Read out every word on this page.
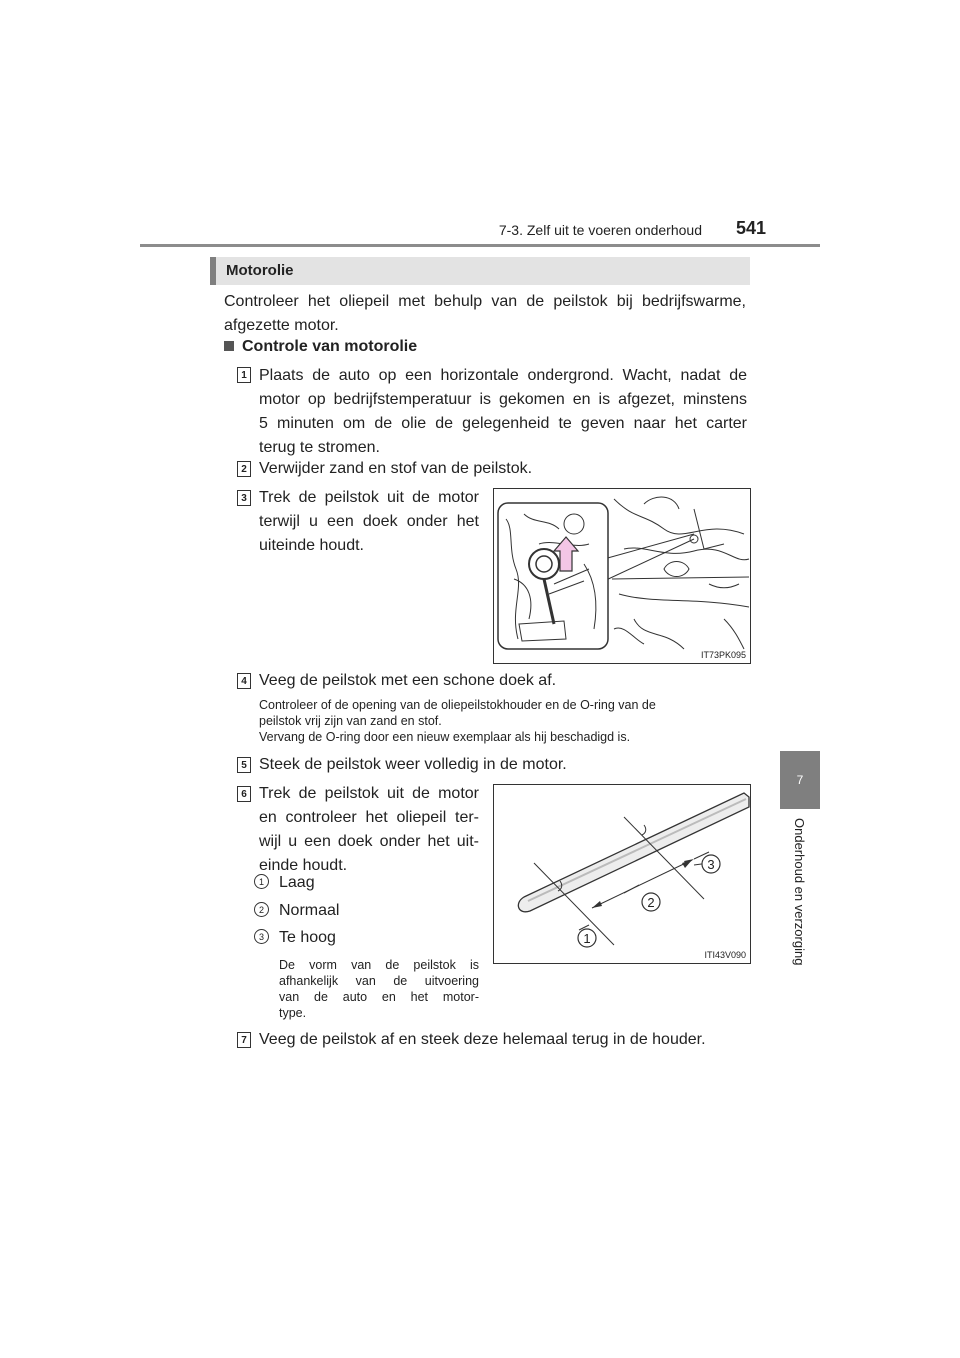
7-3. Zelf uit te voeren onderhoud 541
7
Onderhoud en verzorging
Motorolie
Controleer het oliepeil met behulp van de peilstok bij bedrijfswarme, afgezette motor.
Controle van motorolie
1 Plaats de auto op een horizontale ondergrond. Wacht, nadat de
motor op bedrijfstemperatuur is gekomen en is afgezet, minstens
5 minuten om de olie de gelegenheid te geven naar het carter
terug te stromen.
2 Verwijder zand en stof van de peilstok.
3 Trek de peilstok uit de motor
terwijl u een doek onder het
uiteinde houdt.
IT73PK095
4 Veeg de peilstok met een schone doek af.
Controleer of de opening van de oliepeilstokhouder en de O-ring van de
peilstok vrij zijn van zand en stof.
Vervang de O-ring door een nieuw exemplaar als hij beschadigd is.
5 Steek de peilstok weer volledig in de motor.
6 Trek de peilstok uit de motor
en controleer het oliepeil ter-
wijl u een doek onder het uit-
einde houdt.
1 Laag
2 Normaal
3 Te hoog
De vorm van de peilstok is
afhankelijk van de uitvoering
van de auto en het motor-
type.
1
2
3
ITI43V090
7 Veeg de peilstok af en steek deze helemaal terug in de houder.
